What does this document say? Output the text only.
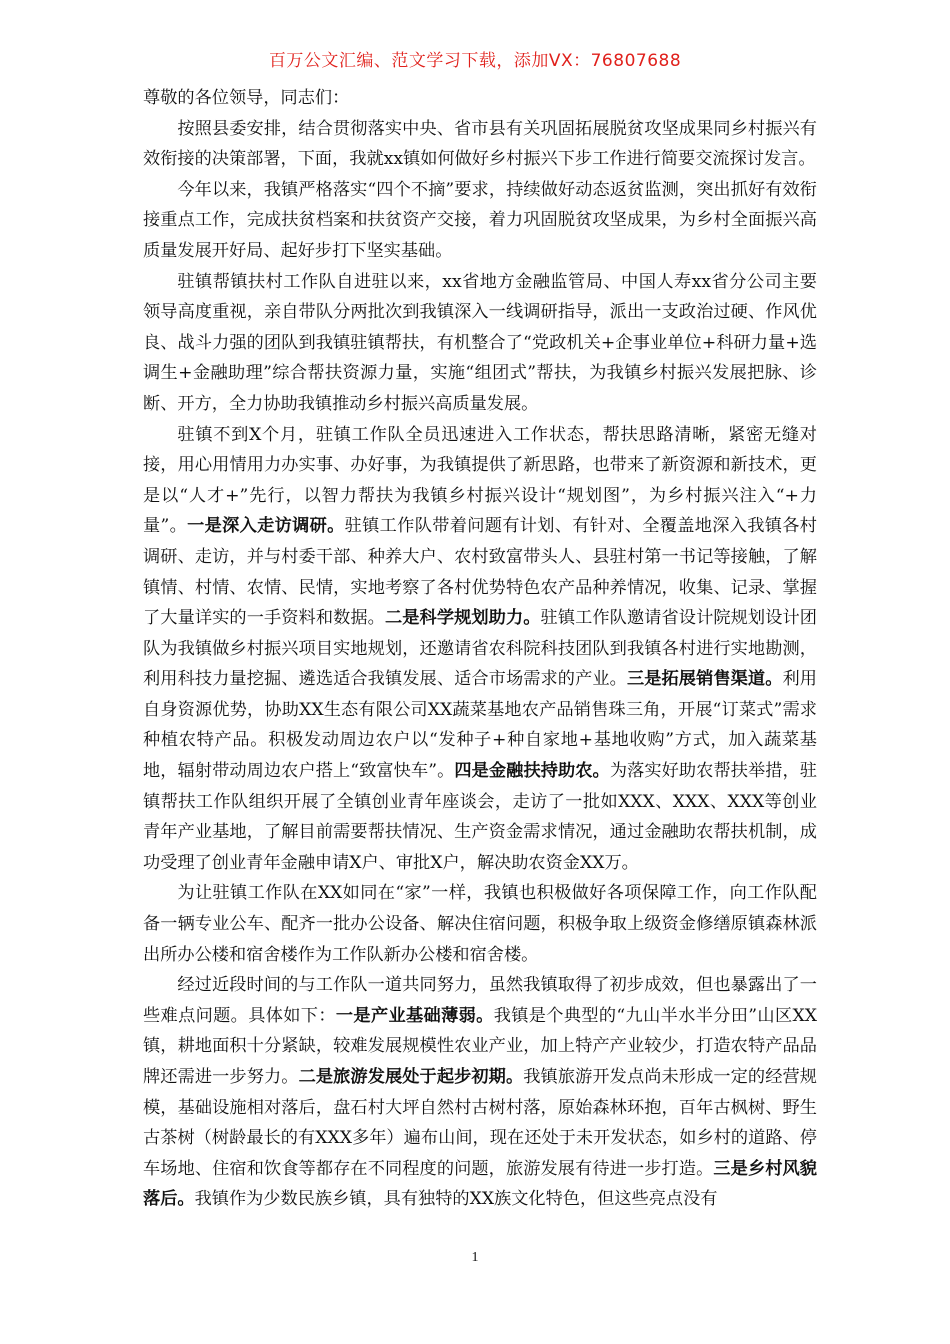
百万公文汇编、范文学习下载，添加VX：76807688

尊敬的各位领导，同志们：

按照县委安排，结合贯彻落实中央、省市县有关巩固拓展脱贫攻坚成果同乡村振兴有效衔接的决策部署，下面，我就xx镇如何做好乡村振兴下步工作进行简要交流探讨发言。

今年以来，我镇严格落实“四个不摘”要求，持续做好动态返贫监测，突出抓好有效衔接重点工作，完成扶贫档案和扶贫资产交接，着力巩固脱贫攻坚成果，为乡村全面振兴高质量发展开好局、起好步打下坚实基础。

驻镇帮镇扶村工作队自进驻以来，xx省地方金融监管局、中国人寿xx省分公司主要领导高度重视，亲自带队分两批次到我镇深入一线调研指导，派出一支政治过硬、作风优良、战斗力强的团队到我镇驻镇帮扶，有机整合了“党政机关+企事业单位+科研力量+选调生+金融助理”综合帮扶资源力量，实施“组团式”帮扶，为我镇乡村振兴发展把脉、诊断、开方，全力协助我镇推动乡村振兴高质量发展。

驻镇不到X个月，驻镇工作队全员迅速进入工作状态，帮扶思路清晰，紧密无缝对接，用心用情用力办实事、办好事，为我镇提供了新思路，也带来了新资源和新技术，更是以“人才+”先行，以智力帮扶为我镇乡村振兴设计“规划图”，为乡村振兴注入“+力量”。一是深入走访调研。驻镇工作队带着问题有计划、有针对、全覆盖地深入我镇各村调研、走访，并与村委干部、种养大户、农村致富带头人、县驻村第一书记等接触，了解镇情、村情、农情、民情，实地考察了各村优势特色农产品种养情况，收集、记录、掌握了大量详实的一手资料和数据。二是科学规划助力。驻镇工作队邀请省设计院规划设计团队为我镇做乡村振兴项目实地规划，还邀请省农科院科技团队到我镇各村进行实地勘测，利用科技力量挖掘、遴选适合我镇发展、适合市场需求的产业。三是拓展销售渠道。利用自身资源优势，协助XX生态有限公司XX蔬菜基地农产品销售珠三角，开展“订菜式”需求种植农特产品。积极发动周边农户以“发种子+种自家地+基地收购”方式，加入蔬菜基地，辐射带动周边农户搭上“致富快车”。四是金融扶持助农。为落实好助农帮扶举措，驻镇帮扶工作队组织开展了全镇创业青年座谈会，走访了一批如XXX、XXX、XXX等创业青年产业基地，了解目前需要帮扶情况、生产资金需求情况，通过金融助农帮扶机制，成功受理了创业青年金融申请X户、审批X户，解决助农资金XX万。

为让驻镇工作队在XX如同在“家”一样，我镇也积极做好各项保障工作，向工作队配备一辆专业公车、配齐一批办公设备、解决住宿问题，积极争取上级资金修缮原镇森林派出所办公楼和宿舍楼作为工作队新办公楼和宿舍楼。

经过近段时间的与工作队一道共同努力，虽然我镇取得了初步成效，但也暴露出了一些难点问题。具体如下：一是产业基础薄弱。我镇是个典型的“九山半水半分田”山区XX镇，耕地面积十分紧缺，较难发展规模性农业产业，加上特产产业较少，打造农特产品品牌还需进一步努力。二是旅游发展处于起步初期。我镇旅游开发点尚未形成一定的经营规模，基础设施相对落后，盘石村大坪自然村古树村落，原始森林环抱，百年古枫树、野生古茶树（树龄最长的有XXX多年）遍布山间，现在还处于未开发状态，如乡村的道路、停车场地、住宿和饮食等都存在不同程度的问题，旅游发展有待进一步打造。三是乡村风貌落后。我镇作为少数民族乡镇，具有独特的XX族文化特色，但这些亮点没有

1
